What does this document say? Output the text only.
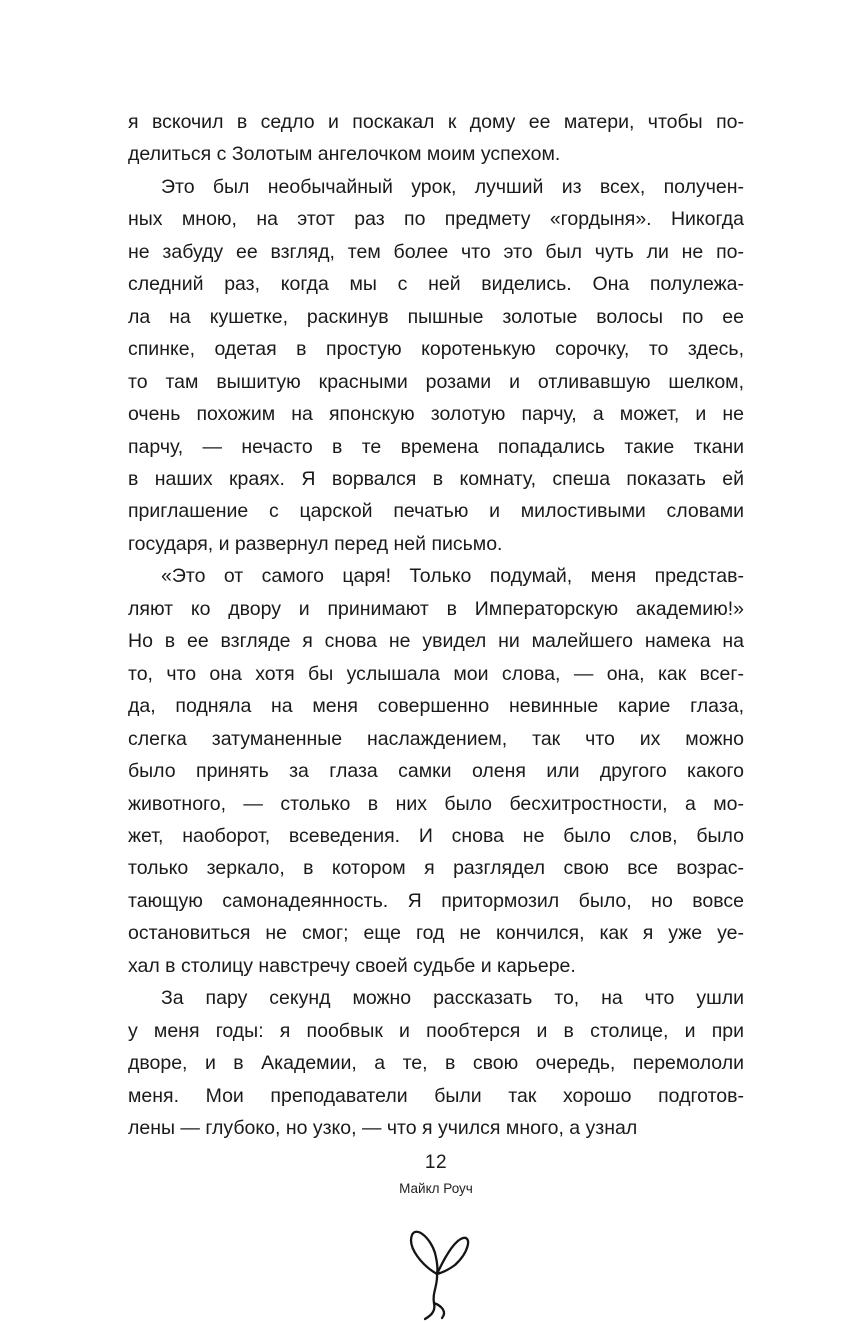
я вскочил в седло и поскакал к дому ее матери, чтобы по-
делиться с Золотым ангелочком моим успехом.
Это был необычайный урок, лучший из всех, получен-
ных мною, на этот раз по предмету «гордыня». Никогда
не забуду ее взгляд, тем более что это был чуть ли не по-
следний раз, когда мы с ней виделись. Она полулежа-
ла на кушетке, раскинув пышные золотые волосы по ее
спинке, одетая в простую коротенькую сорочку, то здесь,
то там вышитую красными розами и отливавшую шелком,
очень похожим на японскую золотую парчу, а может, и не
парчу, — нечасто в те времена попадались такие ткани
в наших краях. Я ворвался в комнату, спеша показать ей
приглашение с царской печатью и милостивыми словами
государя, и развернул перед ней письмо.
«Это от самого царя! Только подумай, меня представ-
ляют ко двору и принимают в Императорскую академию!»
Но в ее взгляде я снова не увидел ни малейшего намека на
то, что она хотя бы услышала мои слова, — она, как всег-
да, подняла на меня совершенно невинные карие глаза,
слегка затуманенные наслаждением, так что их можно
было принять за глаза самки оленя или другого какого
животного, — столько в них было бесхитростности, а мо-
жет, наоборот, всеведения. И снова не было слов, было
только зеркало, в котором я разглядел свою все возрас-
тающую самонадеянность. Я притормозил было, но вовсе
остановиться не смог; еще год не кончился, как я уже уе-
хал в столицу навстречу своей судьбе и карьере.
За пару секунд можно рассказать то, на что ушли
у меня годы: я пообвык и пообтерся и в столице, и при
дворе, и в Академии, а те, в свою очередь, перемололи
меня. Мои преподаватели были так хорошо подготов-
лены — глубоко, но узко, — что я учился много, а узнал
12
Майкл Роуч
